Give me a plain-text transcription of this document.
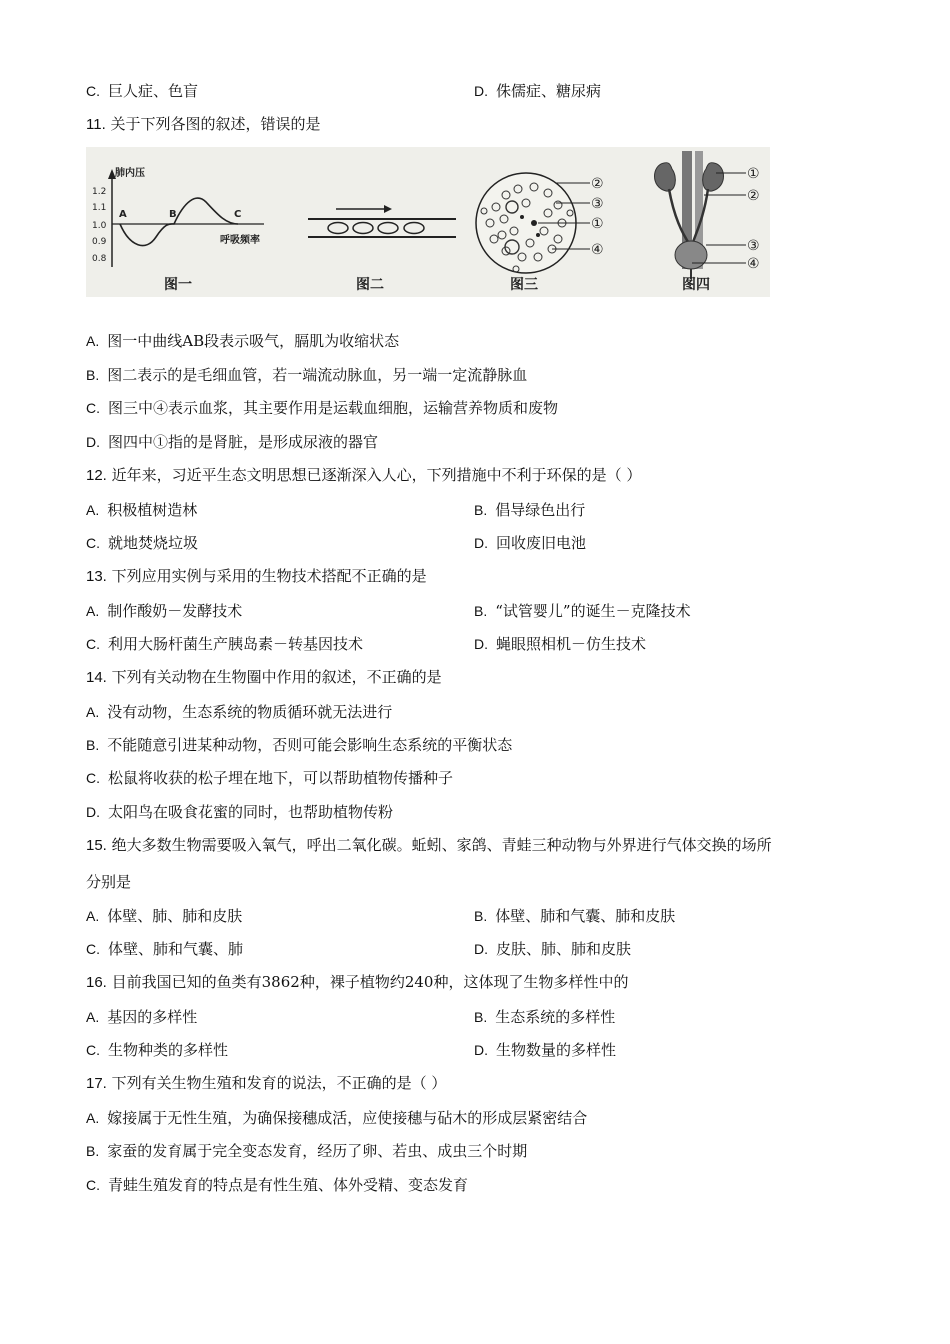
C. 巨人症、色盲	D. 侏儒症、糖尿病
11. 关于下列各图的叙述，错误的是
肺内压
1.2
1.1
1.0
0.9
0.8
A	B	C
呼吸频率
图一	图二
②
③
①
④
图三
①
②
③
④
图四
A. 图一中曲线AB段表示吸气，膈肌为收缩状态
B. 图二表示的是毛细血管，若一端流动脉血，另一端一定流静脉血
C. 图三中④表示血浆，其主要作用是运载血细胞，运输营养物质和废物
D. 图四中①指的是肾脏，是形成尿液的器官
12. 近年来，习近平生态文明思想已逐渐深入人心，下列措施中不利于环保的是（ ）
A. 积极植树造林	B. 倡导绿色出行
C. 就地焚烧垃圾	D. 回收废旧电池
13. 下列应用实例与采用的生物技术搭配不正确的是
A. 制作酸奶－发酵技术	B. “试管婴儿”的诞生－克隆技术
C. 利用大肠杆菌生产胰岛素－转基因技术	D. 蝇眼照相机－仿生技术
14. 下列有关动物在生物圈中作用的叙述，不正确的是
A. 没有动物，生态系统的物质循环就无法进行
B. 不能随意引进某种动物，否则可能会影响生态系统的平衡状态
C. 松鼠将收获的松子埋在地下，可以帮助植物传播种子
D. 太阳鸟在吸食花蜜的同时，也帮助植物传粉
15. 绝大多数生物需要吸入氧气，呼出二氧化碳。蚯蚓、家鸽、青蛙三种动物与外界进行气体交换的场所
分别是
A. 体壁、肺、肺和皮肤	B. 体壁、肺和气囊、肺和皮肤
C. 体壁、肺和气囊、肺	D. 皮肤、肺、肺和皮肤
16. 目前我国已知的鱼类有3862种，裸子植物约240种，这体现了生物多样性中的
A. 基因的多样性	B. 生态系统的多样性
C. 生物种类的多样性	D. 生物数量的多样性
17. 下列有关生物生殖和发育的说法，不正确的是（ ）
A. 嫁接属于无性生殖，为确保接穗成活，应使接穗与砧木的形成层紧密结合
B. 家蚕的发育属于完全变态发育，经历了卵、若虫、成虫三个时期
C. 青蛙生殖发育的特点是有性生殖、体外受精、变态发育
